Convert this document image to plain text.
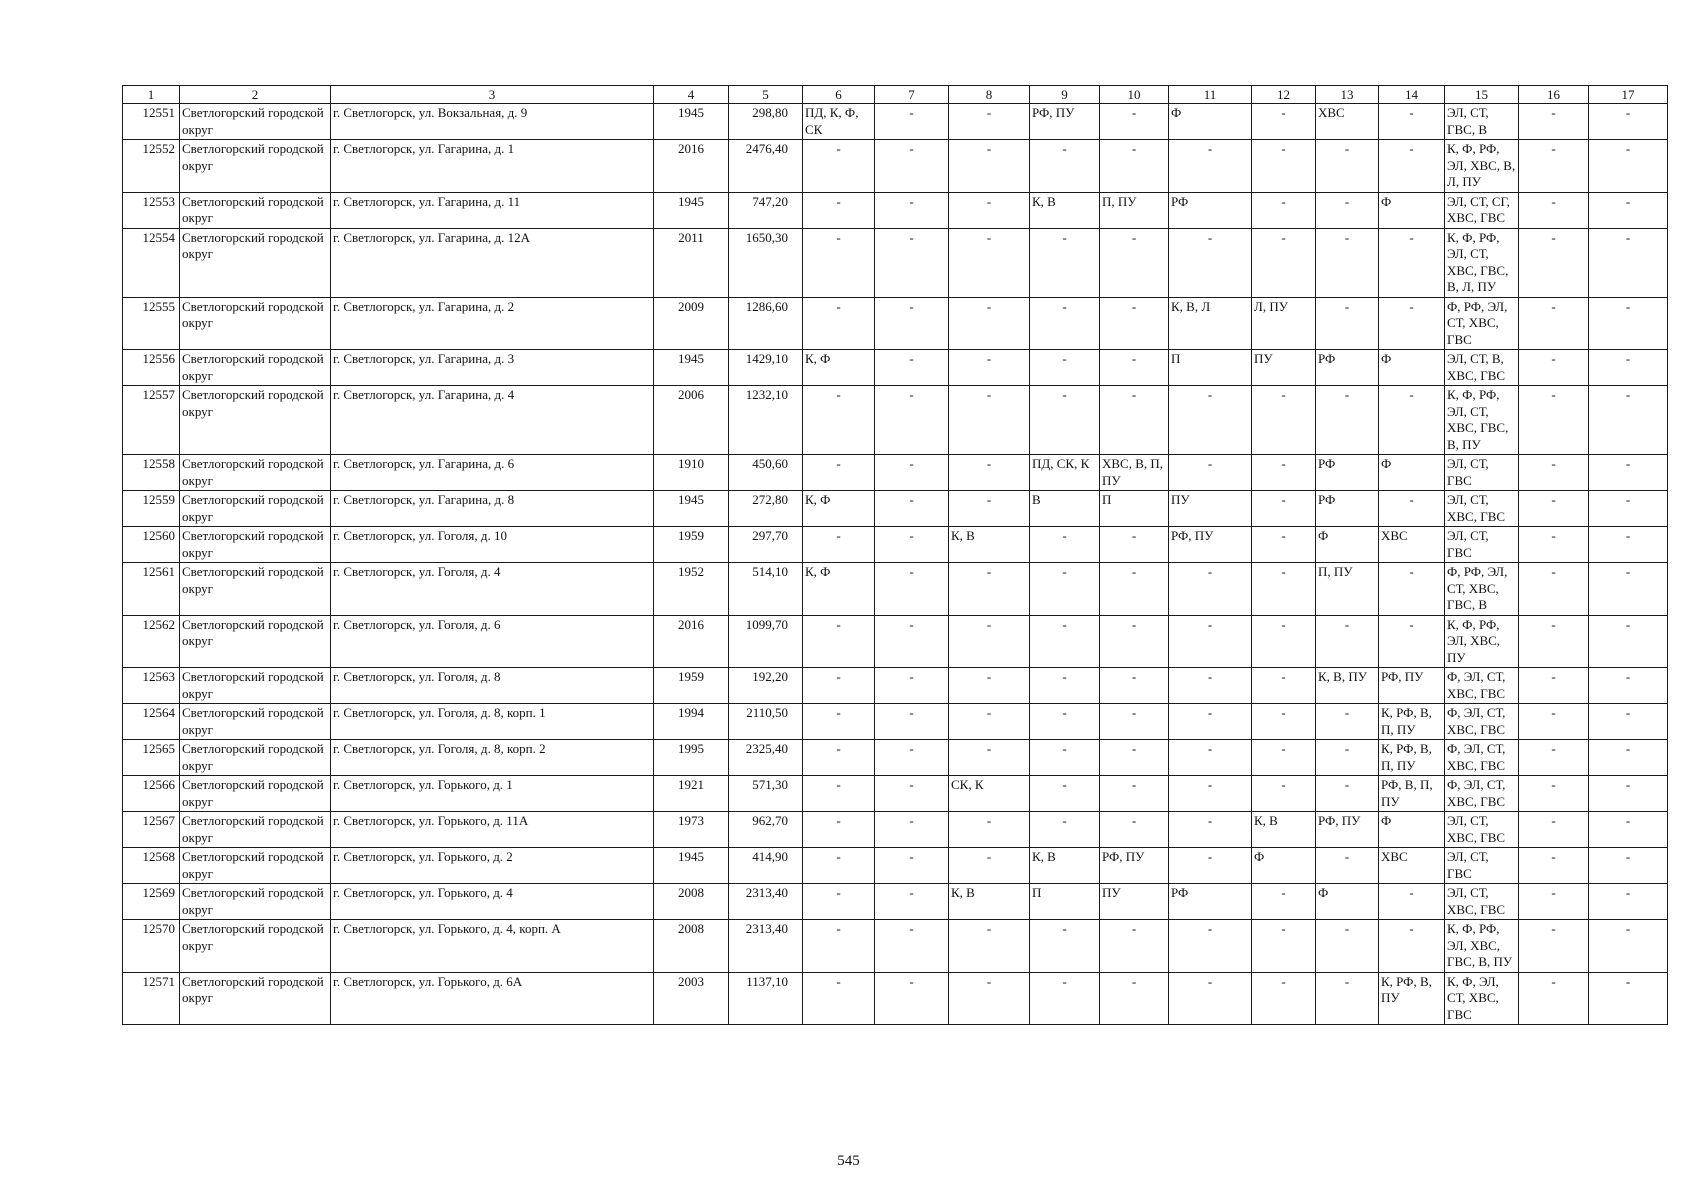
1	2	3	4	5	6	7	8	9	10	11	12	13	14	15	16	17
12551	Светлогорский городской округ	г. Светлогорск, ул. Вокзальная, д. 9	1945	298,80	ПД, К, Ф, СК	-	-	РФ, ПУ	-	Ф	-	ХВС	-	ЭЛ, СТ, ГВС, В	-	-
12552	Светлогорский городской округ	г. Светлогорск, ул. Гагарина, д. 1	2016	2476,40	-	-	-	-	-	-	-	-	-	К, Ф, РФ, ЭЛ, ХВС, В, Л, ПУ	-	-
12553	Светлогорский городской округ	г. Светлогорск, ул. Гагарина, д. 11	1945	747,20	-	-	-	К, В	П, ПУ	РФ	-	-	Ф	ЭЛ, СТ, СГ, ХВС, ГВС	-	-
12554	Светлогорский городской округ	г. Светлогорск, ул. Гагарина, д. 12А	2011	1650,30	-	-	-	-	-	-	-	-	-	К, Ф, РФ, ЭЛ, СТ, ХВС, ГВС, В, Л, ПУ	-	-
12555	Светлогорский городской округ	г. Светлогорск, ул. Гагарина, д. 2	2009	1286,60	-	-	-	-	-	К, В, Л	Л, ПУ	-	-	Ф, РФ, ЭЛ, СТ, ХВС, ГВС	-	-
12556	Светлогорский городской округ	г. Светлогорск, ул. Гагарина, д. 3	1945	1429,10	К, Ф	-	-	-	-	П	ПУ	РФ	Ф	ЭЛ, СТ, В, ХВС, ГВС	-	-
12557	Светлогорский городской округ	г. Светлогорск, ул. Гагарина, д. 4	2006	1232,10	-	-	-	-	-	-	-	-	-	К, Ф, РФ, ЭЛ, СТ, ХВС, ГВС, В, ПУ	-	-
12558	Светлогорский городской округ	г. Светлогорск, ул. Гагарина, д. 6	1910	450,60	-	-	-	ПД, СК, К	ХВС, В, П, ПУ	-	-	РФ	Ф	ЭЛ, СТ, ГВС	-	-
12559	Светлогорский городской округ	г. Светлогорск, ул. Гагарина, д. 8	1945	272,80	К, Ф	-	-	В	П	ПУ	-	РФ	-	ЭЛ, СТ, ХВС, ГВС	-	-
12560	Светлогорский городской округ	г. Светлогорск, ул. Гоголя, д. 10	1959	297,70	-	-	К, В	-	-	РФ, ПУ	-	Ф	ХВС	ЭЛ, СТ, ГВС	-	-
12561	Светлогорский городской округ	г. Светлогорск, ул. Гоголя, д. 4	1952	514,10	К, Ф	-	-	-	-	-	-	П, ПУ	-	Ф, РФ, ЭЛ, СТ, ХВС, ГВС, В	-	-
12562	Светлогорский городской округ	г. Светлогорск, ул. Гоголя, д. 6	2016	1099,70	-	-	-	-	-	-	-	-	-	К, Ф, РФ, ЭЛ, ХВС, ПУ	-	-
12563	Светлогорский городской округ	г. Светлогорск, ул. Гоголя, д. 8	1959	192,20	-	-	-	-	-	-	-	К, В, ПУ	РФ, ПУ	Ф, ЭЛ, СТ, ХВС, ГВС	-	-
12564	Светлогорский городской округ	г. Светлогорск, ул. Гоголя, д. 8, корп. 1	1994	2110,50	-	-	-	-	-	-	-	-	К, РФ, В, П, ПУ	Ф, ЭЛ, СТ, ХВС, ГВС	-	-
12565	Светлогорский городской округ	г. Светлогорск, ул. Гоголя, д. 8, корп. 2	1995	2325,40	-	-	-	-	-	-	-	-	К, РФ, В, П, ПУ	Ф, ЭЛ, СТ, ХВС, ГВС	-	-
12566	Светлогорский городской округ	г. Светлогорск, ул. Горького, д. 1	1921	571,30	-	-	СК, К	-	-	-	-	-	РФ, В, П, ПУ	Ф, ЭЛ, СТ, ХВС, ГВС	-	-
12567	Светлогорский городской округ	г. Светлогорск, ул. Горького, д. 11А	1973	962,70	-	-	-	-	-	-	К, В	РФ, ПУ	Ф	ЭЛ, СТ, ХВС, ГВС	-	-
12568	Светлогорский городской округ	г. Светлогорск, ул. Горького, д. 2	1945	414,90	-	-	-	К, В	РФ, ПУ	-	Ф	-	ХВС	ЭЛ, СТ, ГВС	-	-
12569	Светлогорский городской округ	г. Светлогорск, ул. Горького, д. 4	2008	2313,40	-	-	К, В	П	ПУ	РФ	-	Ф	-	ЭЛ, СТ, ХВС, ГВС	-	-
12570	Светлогорский городской округ	г. Светлогорск, ул. Горького, д. 4, корп. А	2008	2313,40	-	-	-	-	-	-	-	-	-	К, Ф, РФ, ЭЛ, ХВС, ГВС, В, ПУ	-	-
12571	Светлогорский городской округ	г. Светлогорск, ул. Горького, д. 6А	2003	1137,10	-	-	-	-	-	-	-	-	К, РФ, В, ПУ	К, Ф, ЭЛ, СТ, ХВС, ГВС	-	-
545
